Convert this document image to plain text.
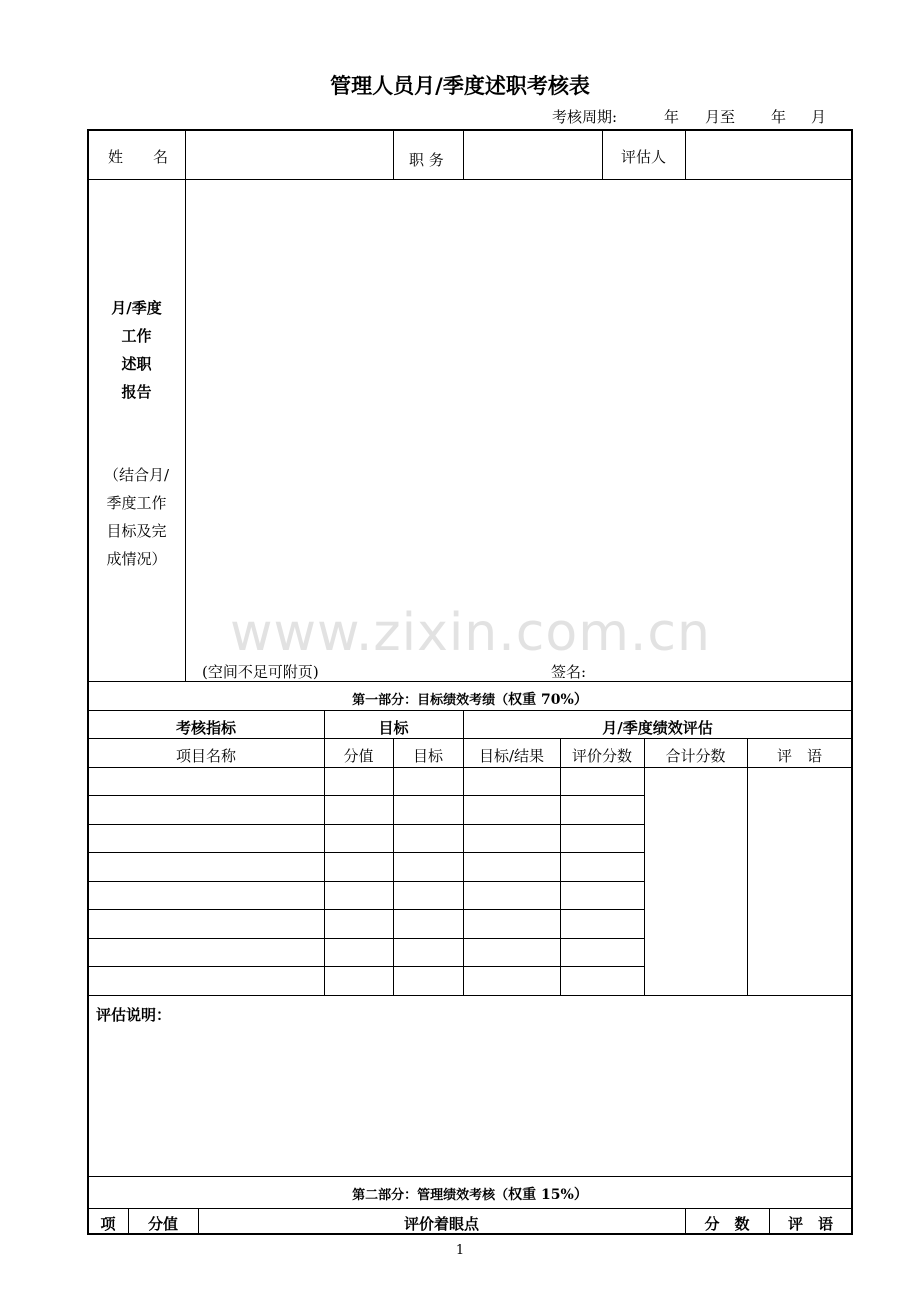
管理人员月/季度述职考核表
考核周期:	年 月至 年 月
www.zixin.com.cn
姓　　名	职 务	评估人
月/季度
工作
述职
报告
（结合月/
季度工作
目标及完
成情况）
(空间不足可附页)	签名:
第一部分：目标绩效考绩（权重 70%）
考核指标	目标	月/季度绩效评估
项目名称	分值	目标	目标/结果	评价分数	合计分数	评　语
评估说明：
第二部分：管理绩效考核（权重 15%）
项	分值	评价着眼点	分　数	评　语
1
